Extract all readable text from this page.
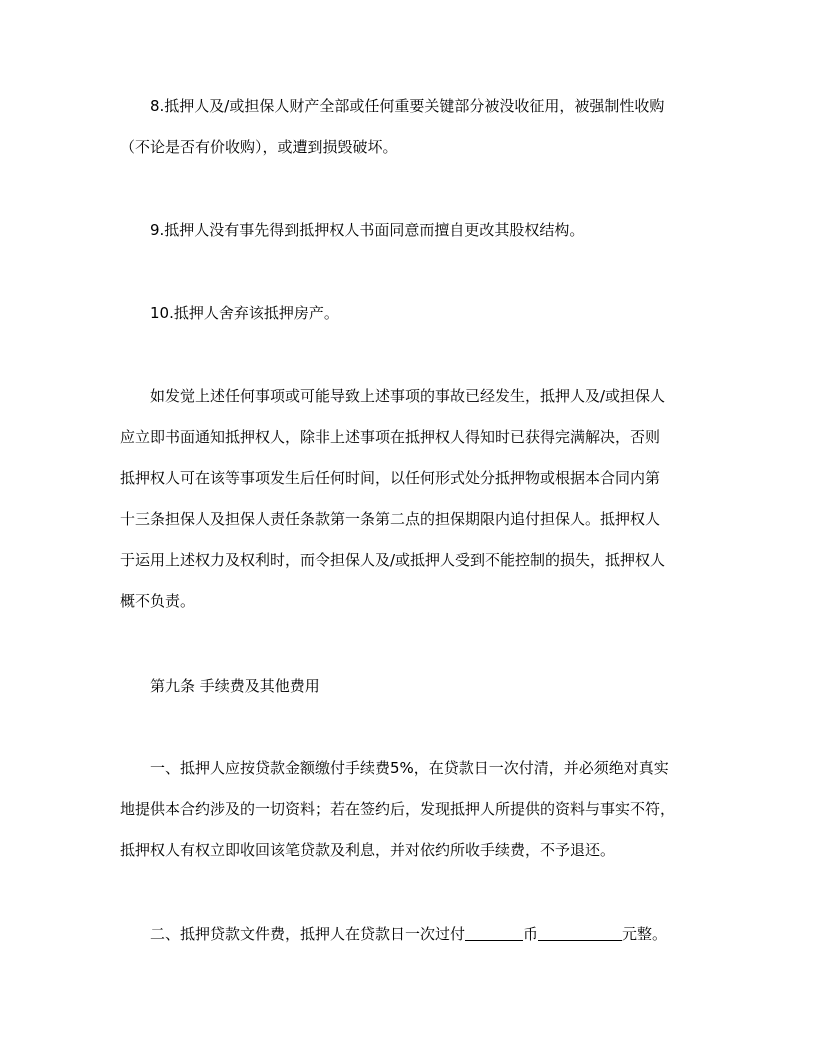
8.抵押人及/或担保人财产全部或任何重要关键部分被没收征用，被强制性收购
（不论是否有价收购），或遭到损毁破坏。

9.抵押人没有事先得到抵押权人书面同意而擅自更改其股权结构。

10.抵押人舍弃该抵押房产。

如发觉上述任何事项或可能导致上述事项的事故已经发生，抵押人及/或担保人
应立即书面通知抵押权人，除非上述事项在抵押权人得知时已获得完满解决，否则
抵押权人可在该等事项发生后任何时间，以任何形式处分抵押物或根据本合同内第
十三条担保人及担保人责任条款第一条第二点的担保期限内追付担保人。抵押权人
于运用上述权力及权利时，而令担保人及/或抵押人受到不能控制的损失，抵押权人
概不负责。

第九条 手续费及其他费用

一、抵押人应按贷款金额缴付手续费5%，在贷款日一次付清，并必须绝对真实
地提供本合约涉及的一切资料；若在签约后，发现抵押人所提供的资料与事实不符，
抵押权人有权立即收回该笔贷款及利息，并对依约所收手续费，不予退还。

二、抵押贷款文件费，抵押人在贷款日一次过付	币	元整。
